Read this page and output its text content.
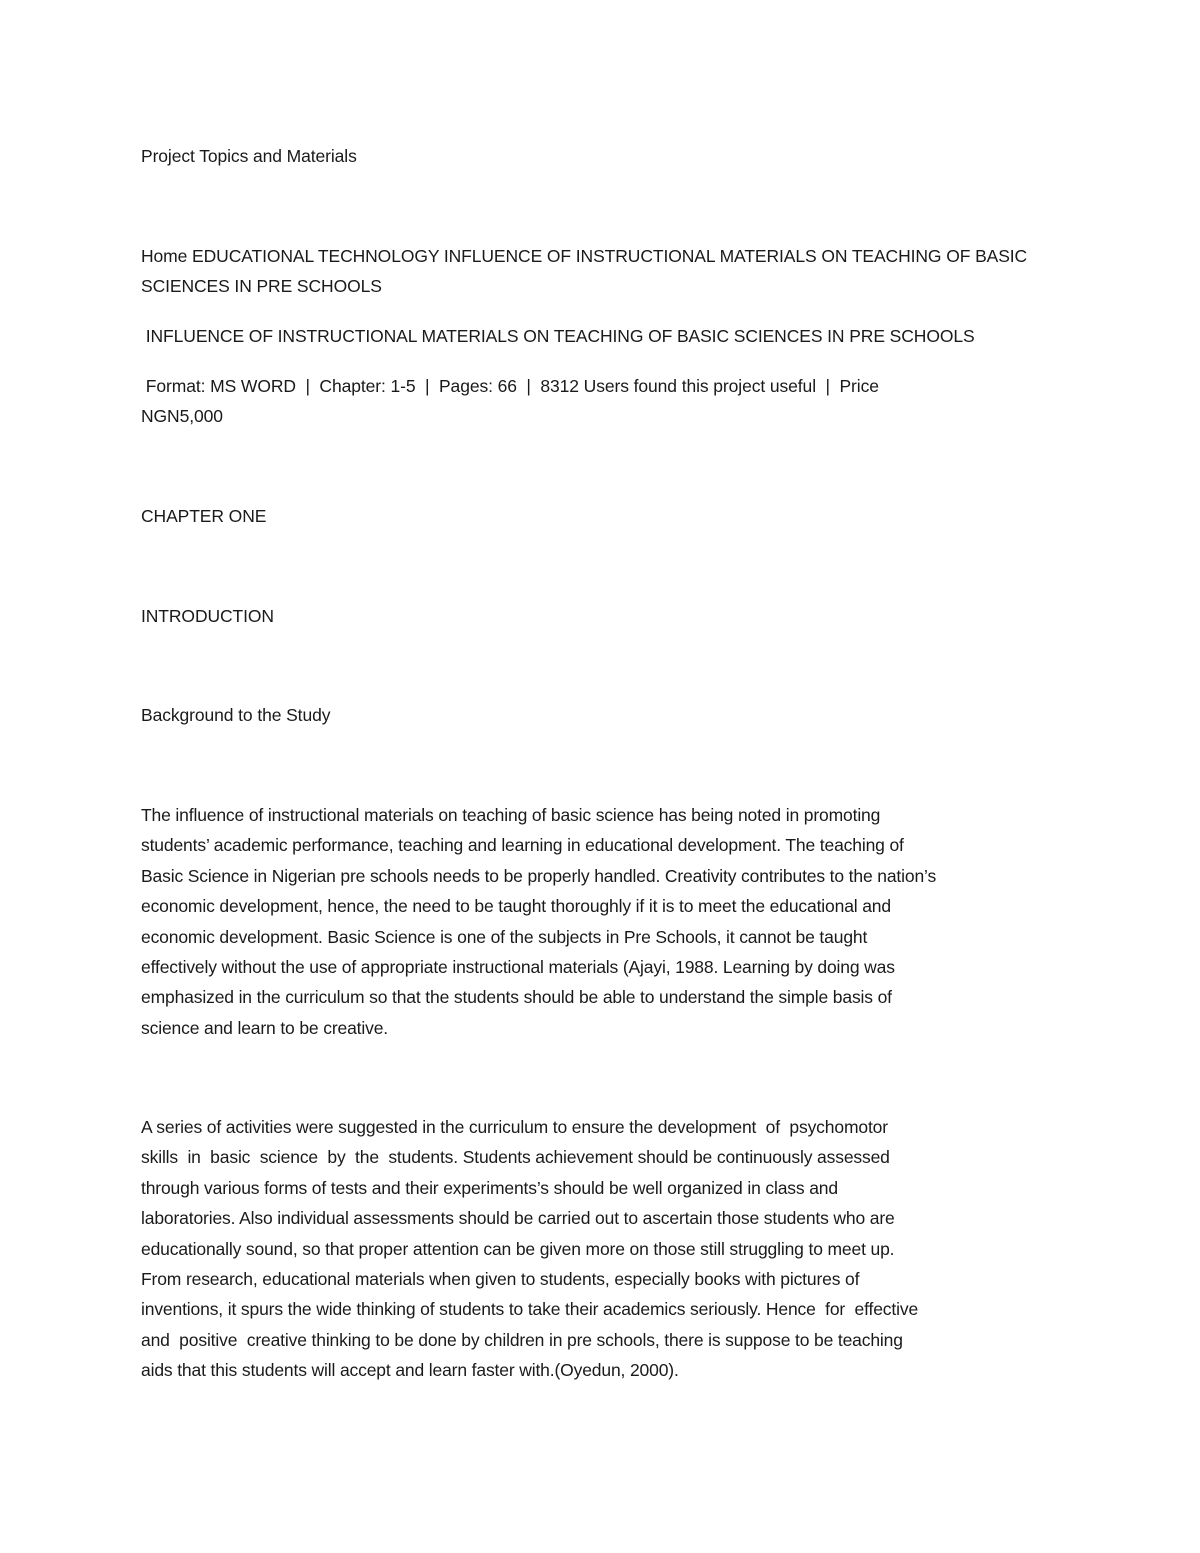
Project Topics and Materials
Home EDUCATIONAL TECHNOLOGY INFLUENCE OF INSTRUCTIONAL MATERIALS ON TEACHING OF BASIC
SCIENCES IN PRE SCHOOLS
INFLUENCE OF INSTRUCTIONAL MATERIALS ON TEACHING OF BASIC SCIENCES IN PRE SCHOOLS
Format: MS WORD  |  Chapter: 1-5  |  Pages: 66  |  8312 Users found this project useful  |  Price
NGN5,000
CHAPTER ONE
INTRODUCTION
Background to the Study
The influence of instructional materials on teaching of basic science has being noted in promoting
students’ academic performance, teaching and learning in educational development. The teaching of
Basic Science in Nigerian pre schools needs to be properly handled. Creativity contributes to the nation’s
economic development, hence, the need to be taught thoroughly if it is to meet the educational and
economic development. Basic Science is one of the subjects in Pre Schools, it cannot be taught
effectively without the use of appropriate instructional materials (Ajayi, 1988. Learning by doing was
emphasized in the curriculum so that the students should be able to understand the simple basis of
science and learn to be creative.
A series of activities were suggested in the curriculum to ensure the development  of  psychomotor
skills  in  basic  science  by  the  students. Students achievement should be continuously assessed
through various forms of tests and their experiments’s should be well organized in class and
laboratories. Also individual assessments should be carried out to ascertain those students who are
educationally sound, so that proper attention can be given more on those still struggling to meet up.
From research, educational materials when given to students, especially books with pictures of
inventions, it spurs the wide thinking of students to take their academics seriously. Hence  for  effective
and  positive  creative thinking to be done by children in pre schools, there is suppose to be teaching
aids that this students will accept and learn faster with.(Oyedun, 2000).
